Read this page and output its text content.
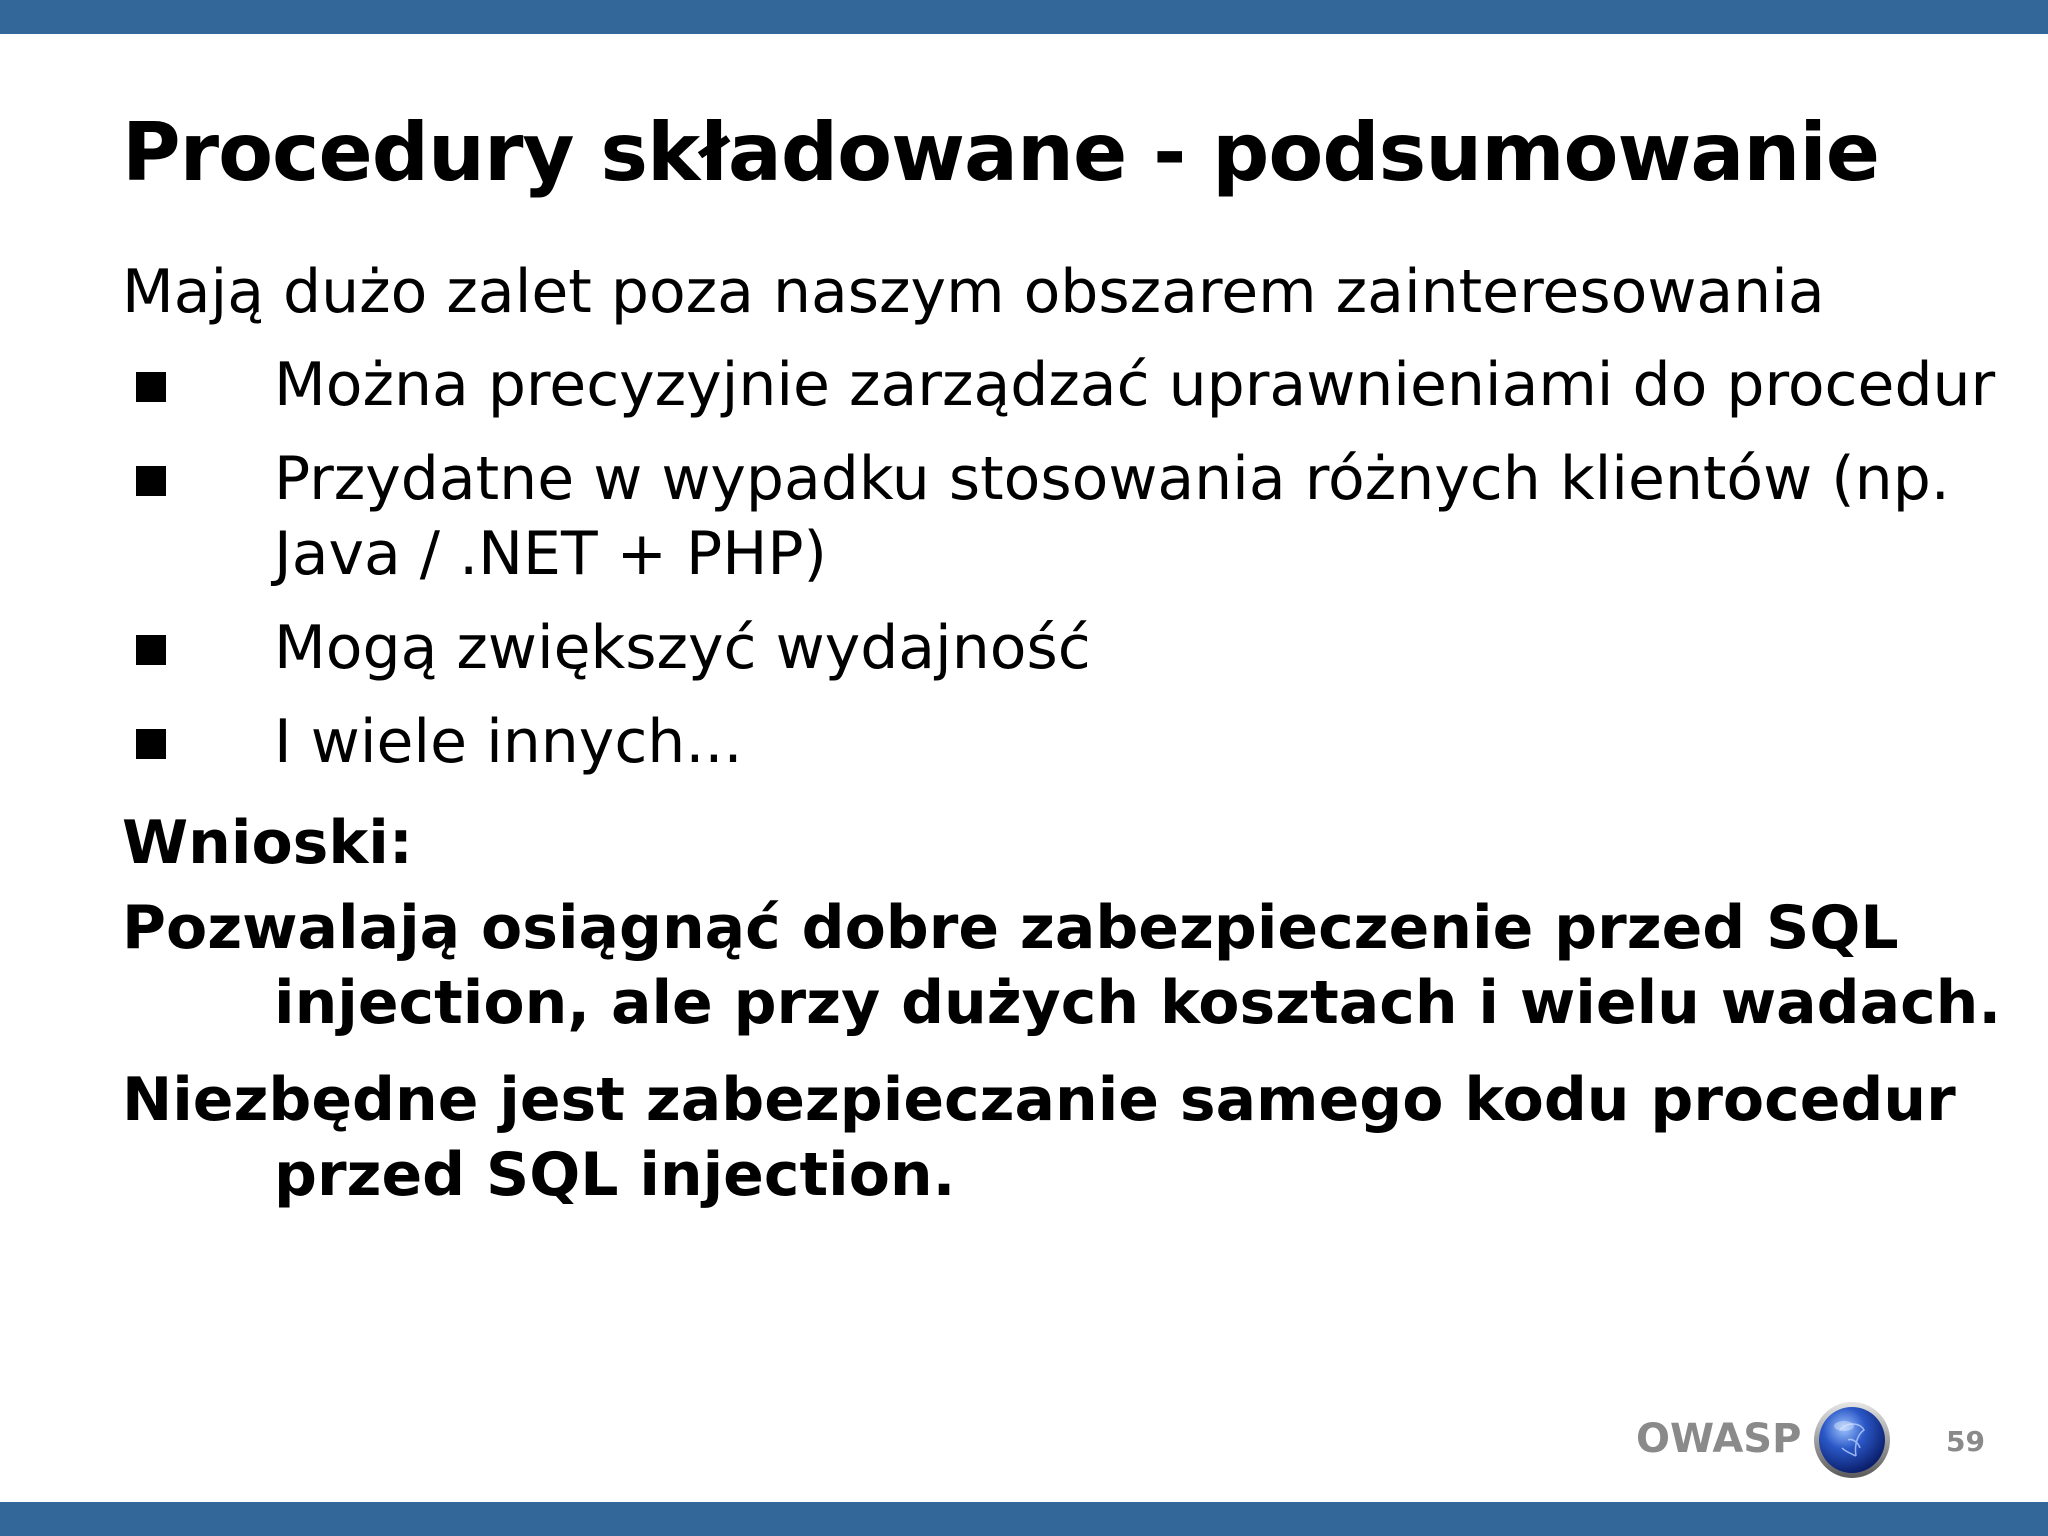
Procedury składowane - podsumowanie
Mają dużo zalet poza naszym obszarem zainteresowania
Można precyzyjnie zarządzać uprawnieniami do procedur
Przydatne w wypadku stosowania różnych klientów (np. Java / .NET + PHP)
Mogą zwiększyć wydajność
I wiele innych...
Wnioski:
Pozwalają osiągnąć dobre zabezpieczenie przed SQL injection, ale przy dużych kosztach i wielu wadach.
Niezbędne jest zabezpieczanie samego kodu procedur przed SQL injection.
OWASP	59
